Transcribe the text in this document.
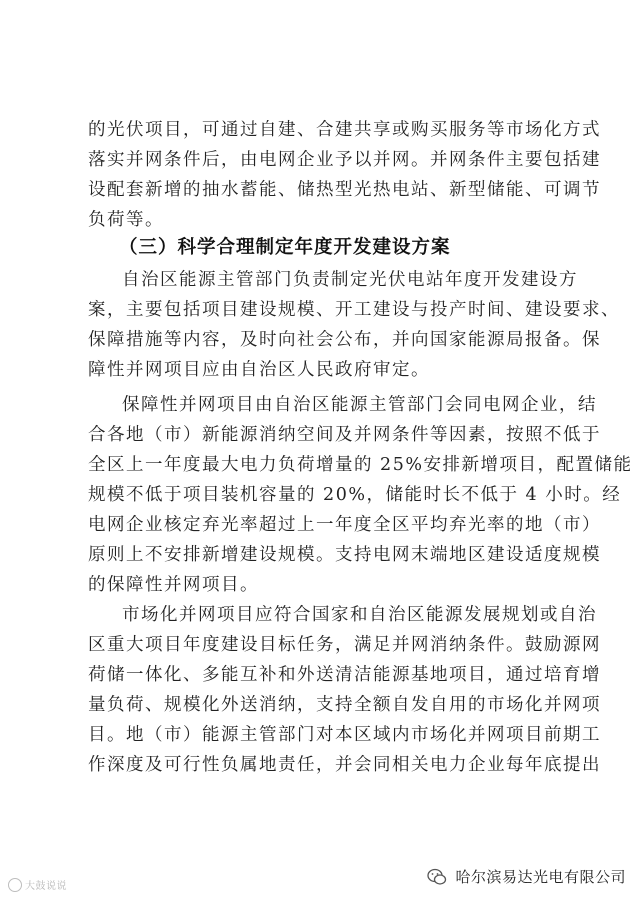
的光伏项目，可通过自建、合建共享或购买服务等市场化方式
落实并网条件后，由电网企业予以并网。并网条件主要包括建
设配套新增的抽水蓄能、储热型光热电站、新型储能、可调节
负荷等。
（三）科学合理制定年度开发建设方案
自治区能源主管部门负责制定光伏电站年度开发建设方
案，主要包括项目建设规模、开工建设与投产时间、建设要求、
保障措施等内容，及时向社会公布，并向国家能源局报备。保
障性并网项目应由自治区人民政府审定。
保障性并网项目由自治区能源主管部门会同电网企业，结
合各地（市）新能源消纳空间及并网条件等因素，按照不低于
全区上一年度最大电力负荷增量的 25%安排新增项目，配置储能
规模不低于项目装机容量的 20%，储能时长不低于 4 小时。经
电网企业核定弃光率超过上一年度全区平均弃光率的地（市）
原则上不安排新增建设规模。支持电网末端地区建设适度规模
的保障性并网项目。
市场化并网项目应符合国家和自治区能源发展规划或自治
区重大项目年度建设目标任务，满足并网消纳条件。鼓励源网
荷储一体化、多能互补和外送清洁能源基地项目，通过培育增
量负荷、规模化外送消纳，支持全额自发自用的市场化并网项
目。地（市）能源主管部门对本区域内市场化并网项目前期工
作深度及可行性负属地责任，并会同相关电力企业每年底提出
大鼓说说
哈尔滨易达光电有限公司
